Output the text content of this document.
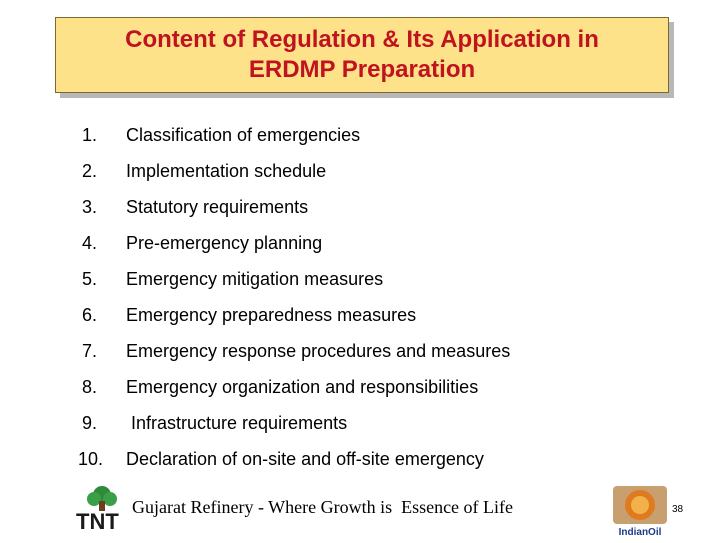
Content of Regulation & Its Application in
ERDMP Preparation
1.	Classification of emergencies
2.	Implementation schedule
3.	Statutory requirements
4.	Pre-emergency planning
5.	Emergency mitigation measures
6.	Emergency preparedness measures
7.	Emergency response procedures and measures
8.	Emergency organization and responsibilities
9.	Infrastructure requirements
10.	Declaration of on-site and off-site emergency
TNT
Gujarat Refinery - Where Growth is  Essence of Life
IndianOil
38
